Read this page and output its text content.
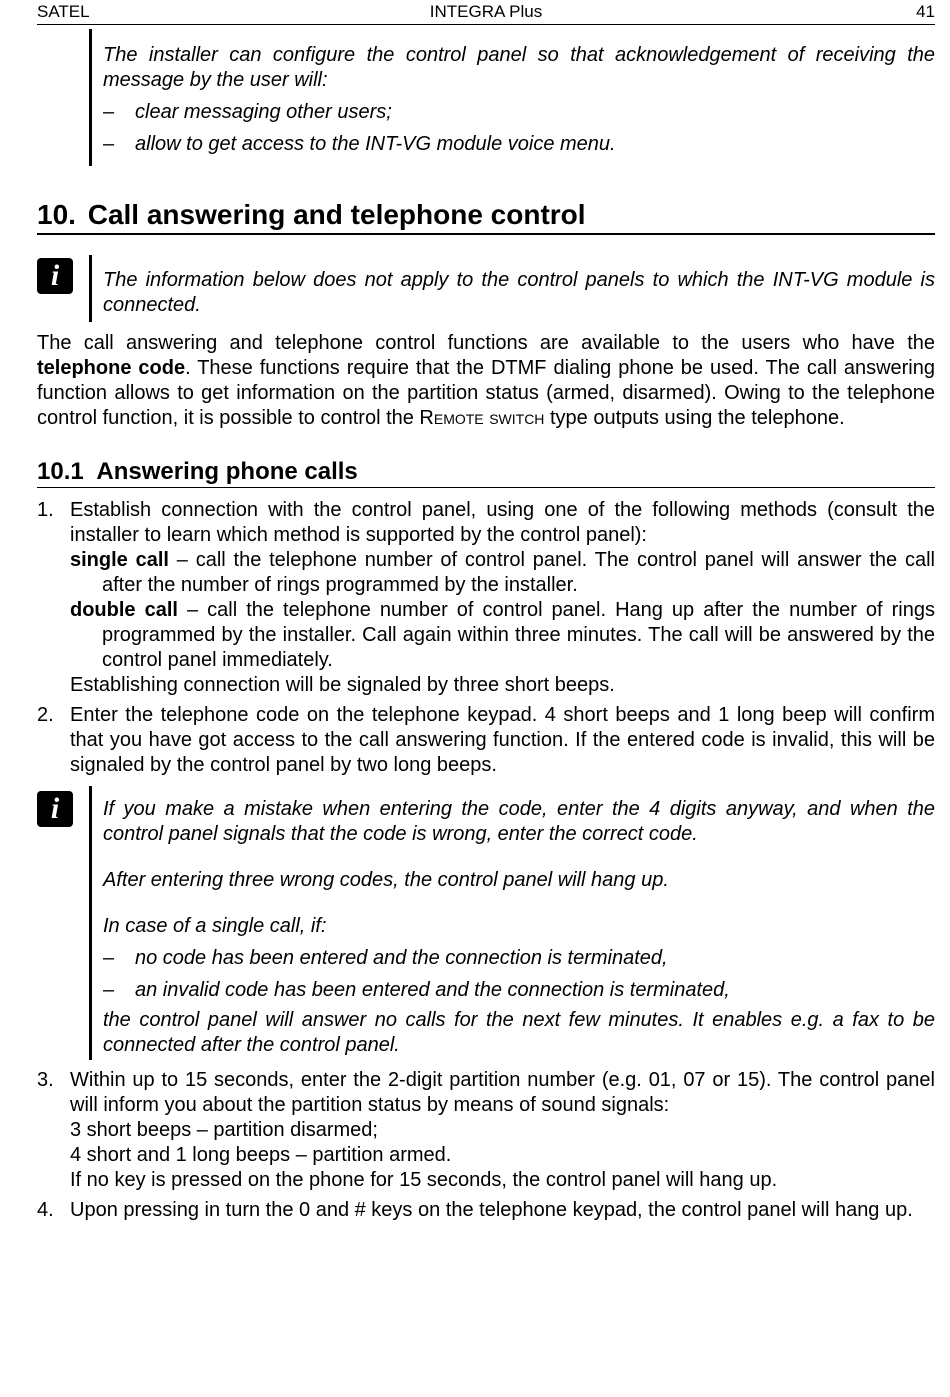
SATEL	INTEGRA Plus	41

The installer can configure the control panel so that acknowledgement of receiving the message by the user will:

– clear messaging other users;

– allow to get access to the INT-VG module voice menu.

10. Call answering and telephone control
i	The information below does not apply to the control panels to which the INT-VG module is connected.

The call answering and telephone control functions are available to the users who have the telephone code. These functions require that the DTMF dialing phone be used. The call answering function allows to get information on the partition status (armed, disarmed). Owing to the telephone control function, it is possible to control the Remote switch type outputs using the telephone.

10.1 Answering phone calls
1. Establish connection with the control panel, using one of the following methods (consult the installer to learn which method is supported by the control panel):

single call – call the telephone number of control panel. The control panel will answer the call after the number of rings programmed by the installer.

double call – call the telephone number of control panel. Hang up after the number of rings programmed by the installer. Call again within three minutes. The call will be answered by the control panel immediately.

Establishing connection will be signaled by three short beeps.

2. Enter the telephone code on the telephone keypad. 4 short beeps and 1 long beep will confirm that you have got access to the call answering function. If the entered code is invalid, this will be signaled by the control panel by two long beeps.

i	If you make a mistake when entering the code, enter the 4 digits anyway, and when the control panel signals that the code is wrong, enter the correct code.

After entering three wrong codes, the control panel will hang up.

In case of a single call, if:

– no code has been entered and the connection is terminated,

– an invalid code has been entered and the connection is terminated,

the control panel will answer no calls for the next few minutes. It enables e.g. a fax to be connected after the control panel.

3. Within up to 15 seconds, enter the 2-digit partition number (e.g. 01, 07 or 15). The control panel will inform you about the partition status by means of sound signals:

3 short beeps – partition disarmed;

4 short and 1 long beeps – partition armed.

If no key is pressed on the phone for 15 seconds, the control panel will hang up.

4. Upon pressing in turn the 0 and # keys on the telephone keypad, the control panel will hang up.
